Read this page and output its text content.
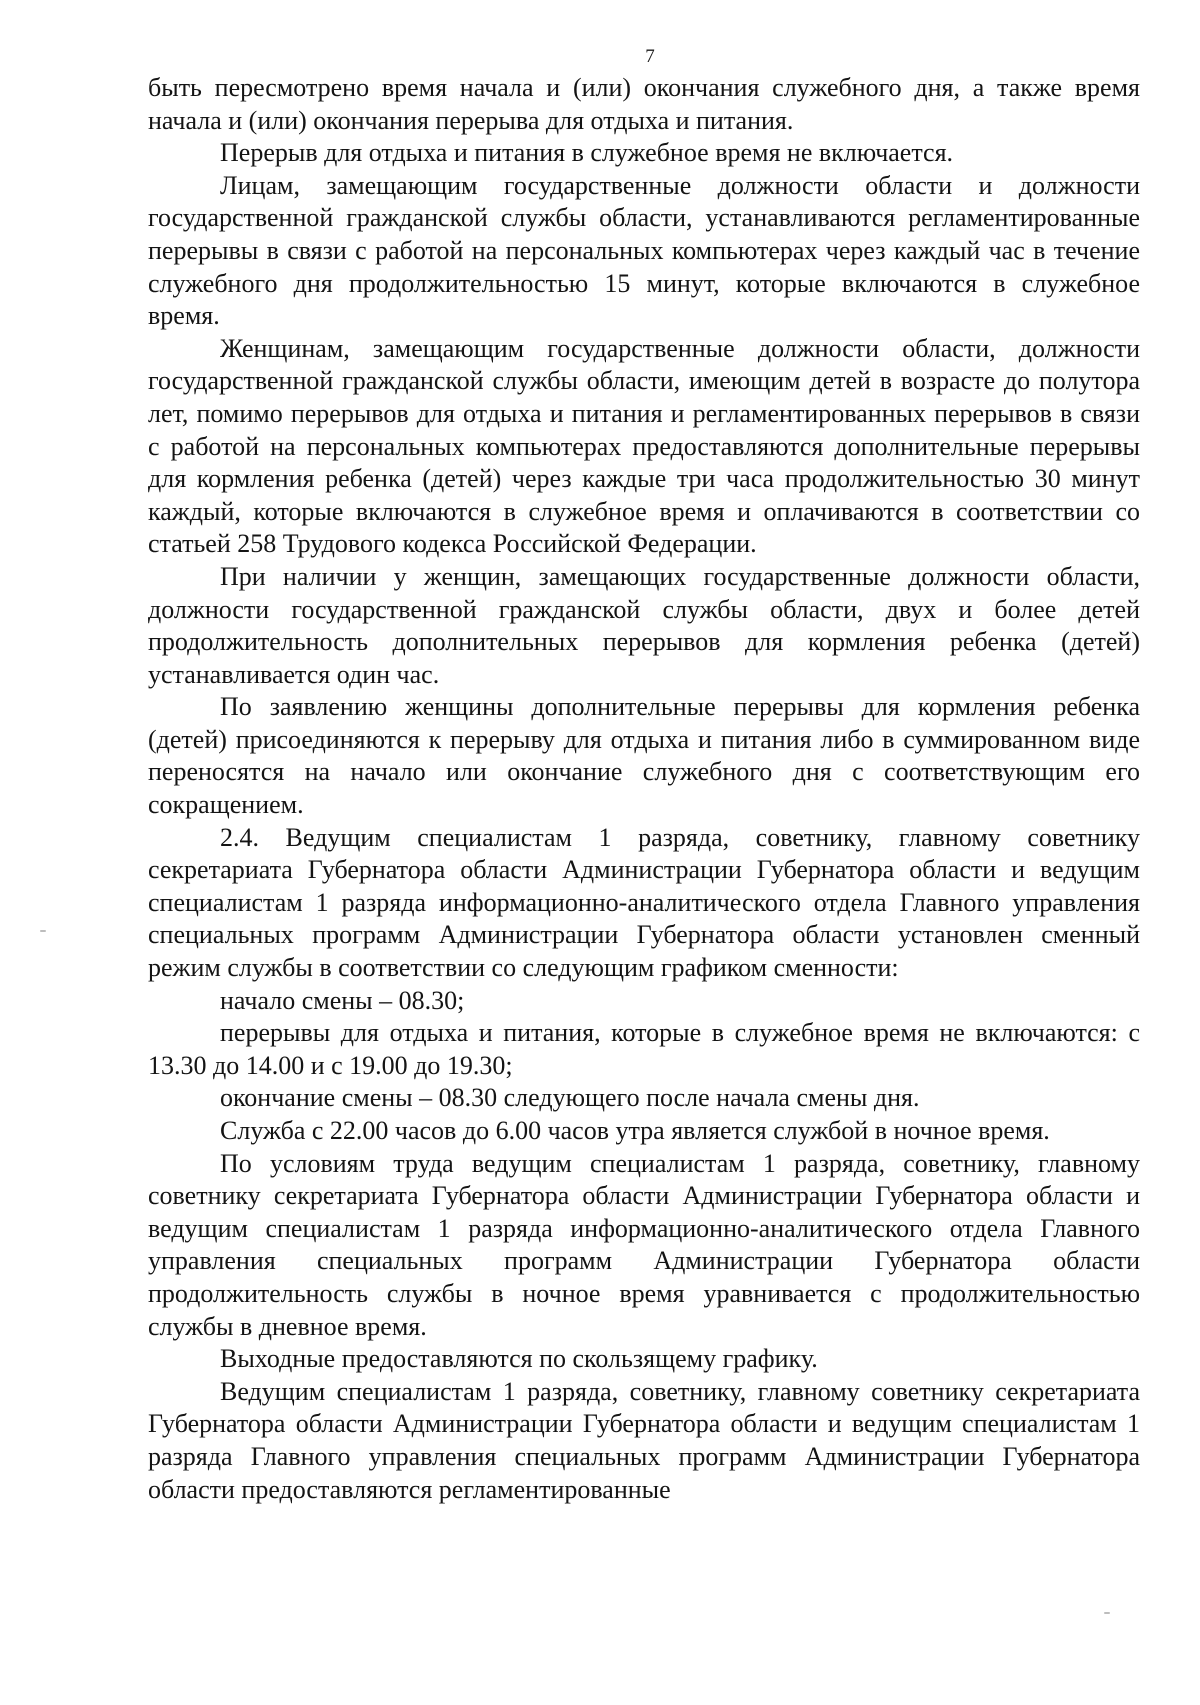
7

быть пересмотрено время начала и (или) окончания служебного дня, а также время начала и (или) окончания перерыва для отдыха и питания.

Перерыв для отдыха и питания в служебное время не включается.

Лицам, замещающим государственные должности области и должности государственной гражданской службы области, устанавливаются регламентированные перерывы в связи с работой на персональных компьютерах через каждый час в течение служебного дня продолжительностью 15 минут, которые включаются в служебное время.

Женщинам, замещающим государственные должности области, должности государственной гражданской службы области, имеющим детей в возрасте до полутора лет, помимо перерывов для отдыха и питания и регламентированных перерывов в связи с работой на персональных компьютерах предоставляются дополнительные перерывы для кормления ребенка (детей) через каждые три часа продолжительностью 30 минут каждый, которые включаются в служебное время и оплачиваются в соответствии со статьей 258 Трудового кодекса Российской Федерации.

При наличии у женщин, замещающих государственные должности области, должности государственной гражданской службы области, двух и более детей продолжительность дополнительных перерывов для кормления ребенка (детей) устанавливается один час.

По заявлению женщины дополнительные перерывы для кормления ребенка (детей) присоединяются к перерыву для отдыха и питания либо в суммированном виде переносятся на начало или окончание служебного дня с соответствующим его сокращением.

2.4. Ведущим специалистам 1 разряда, советнику, главному советнику секретариата Губернатора области Администрации Губернатора области и ведущим специалистам 1 разряда информационно-аналитического отдела Главного управления специальных программ Администрации Губернатора области установлен сменный режим службы в соответствии со следующим графиком сменности:

начало смены – 08.30;

перерывы для отдыха и питания, которые в служебное время не включаются: с 13.30 до 14.00 и с 19.00 до 19.30;

окончание смены – 08.30 следующего после начала смены дня.

Служба с 22.00 часов до 6.00 часов утра является службой в ночное время.

По условиям труда ведущим специалистам 1 разряда, советнику, главному советнику секретариата Губернатора области Администрации Губернатора области и ведущим специалистам 1 разряда информационно-аналитического отдела Главного управления специальных программ Администрации Губернатора области продолжительность службы в ночное время уравнивается с продолжительностью службы в дневное время.

Выходные предоставляются по скользящему графику.

Ведущим специалистам 1 разряда, советнику, главному советнику секретариата Губернатора области Администрации Губернатора области и ведущим специалистам 1 разряда Главного управления специальных программ Администрации Губернатора области предоставляются регламентированные
